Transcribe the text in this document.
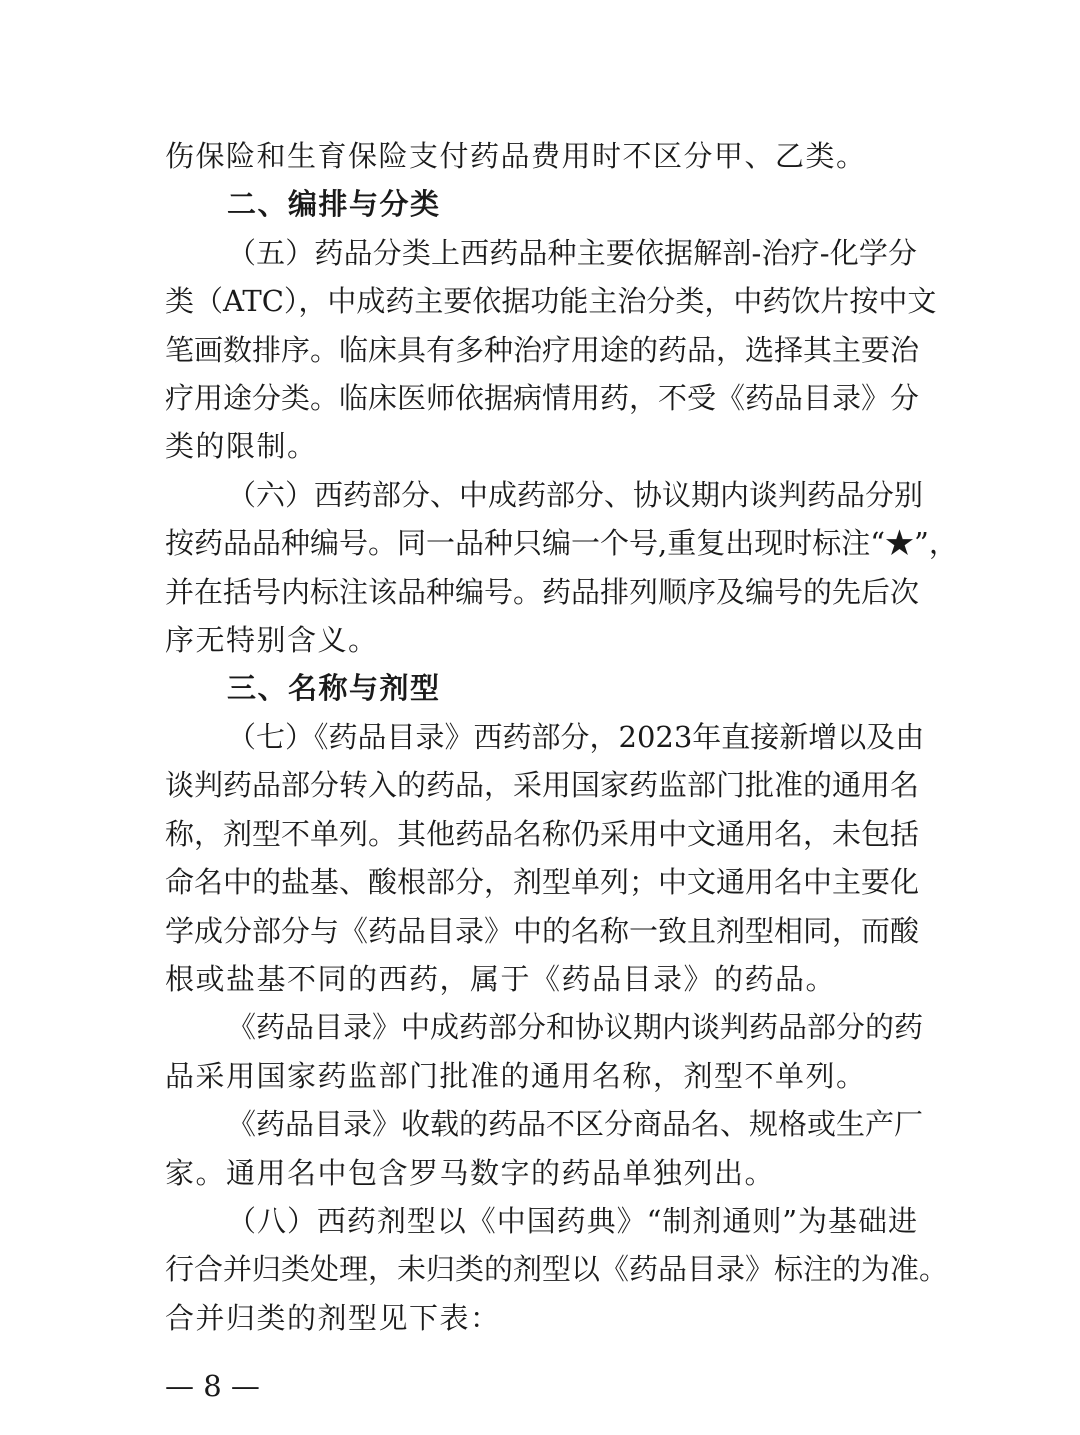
伤保险和生育保险支付药品费用时不区分甲、乙类。
二、编排与分类
（五）药品分类上西药品种主要依据解剖-治疗-化学分
类（ATC），中成药主要依据功能主治分类，中药饮片按中文
笔画数排序。临床具有多种治疗用途的药品，选择其主要治
疗用途分类。临床医师依据病情用药，不受《药品目录》分
类的限制。
（六）西药部分、中成药部分、协议期内谈判药品分别
按药品品种编号。同一品种只编一个号,重复出现时标注“★”，
并在括号内标注该品种编号。药品排列顺序及编号的先后次
序无特别含义。
三、名称与剂型
（七）《药品目录》西药部分，2023年直接新增以及由
谈判药品部分转入的药品，采用国家药监部门批准的通用名
称，剂型不单列。其他药品名称仍采用中文通用名，未包括
命名中的盐基、酸根部分，剂型单列；中文通用名中主要化
学成分部分与《药品目录》中的名称一致且剂型相同，而酸
根或盐基不同的西药，属于《药品目录》的药品。
《药品目录》中成药部分和协议期内谈判药品部分的药
品采用国家药监部门批准的通用名称，剂型不单列。
《药品目录》收载的药品不区分商品名、规格或生产厂
家。通用名中包含罗马数字的药品单独列出。
（八）西药剂型以《中国药典》“制剂通则”为基础进
行合并归类处理，未归类的剂型以《药品目录》标注的为准。
合并归类的剂型见下表：
— 8 —
